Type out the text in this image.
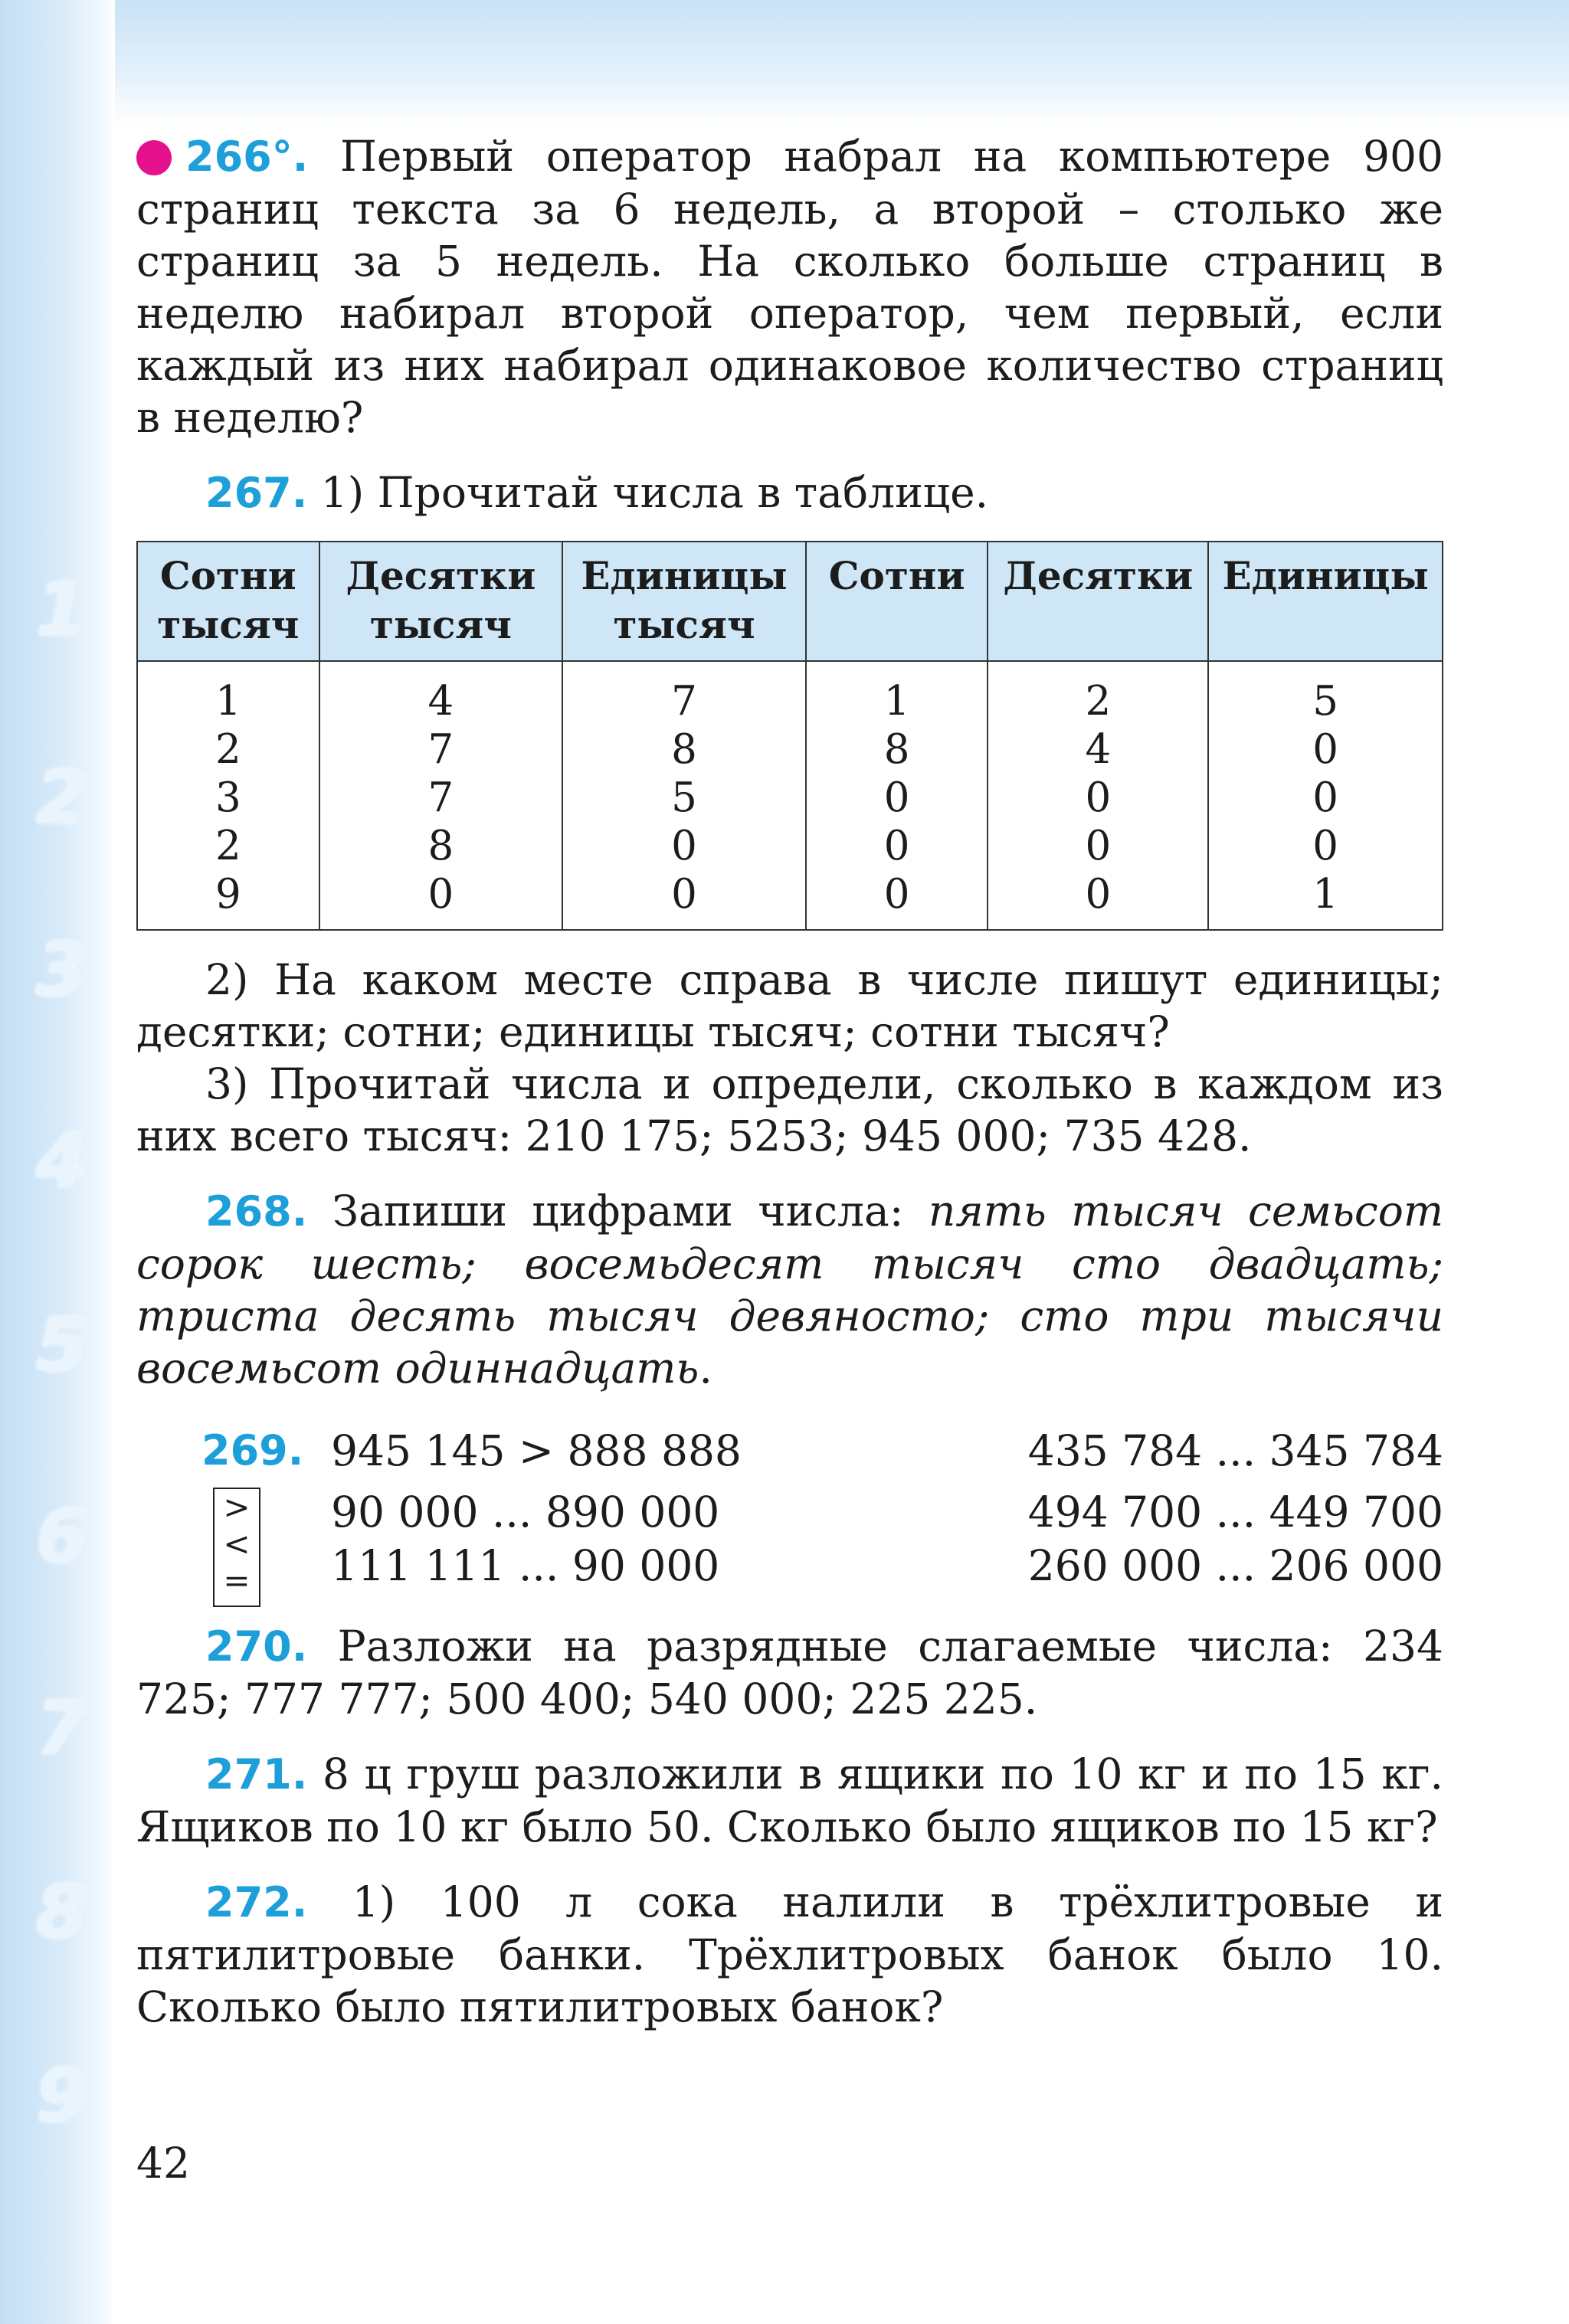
1
2
3
4
5
6
7
8
9

266°. Первый оператор набрал на компьютере 900 страниц текста за 6 недель, а второй – столько же страниц за 5 недель. На сколько больше страниц в неделю набирал второй оператор, чем первый, если каждый из них набирал одинаковое количество страниц в неделю?

267. 1) Прочитай числа в таблице.

Сотни
тысяч	Десятки
тысяч	Единицы
тысяч	Сотни	Десятки	Единицы
1	4	7	1	2	5
2	7	8	8	4	0
3	7	5	0	0	0
2	8	0	0	0	0
9	0	0	0	0	1

2) На каком месте справа в числе пишут единицы; десятки; сотни; единицы тысяч; сотни тысяч?

3) Прочитай числа и определи, сколько в каждом из них всего тысяч: 210 175; 5253; 945 000; 735 428.

268. Запиши цифрами числа: пять тысяч семьсот сорок шесть; восемьдесят тысяч сто двадцать; триста десять тысяч девяносто; сто три тысячи восемьсот одиннадцать.

269. 945 145 > 888 888	435 784 ... 345 784
>
<
=
90 000 ... 890 000	494 700 ... 449 700
111 111 ... 90 000	260 000 ... 206 000

270. Разложи на разрядные слагаемые числа: 234 725; 777 777; 500 400; 540 000; 225 225.

271. 8 ц груш разложили в ящики по 10 кг и по 15 кг. Ящиков по 10 кг было 50. Сколько было ящиков по 15 кг?

272. 1) 100 л сока налили в трёхлитровые и пятилитровые банки. Трёхлитровых банок было 10. Сколько было пятилитровых банок?

42
